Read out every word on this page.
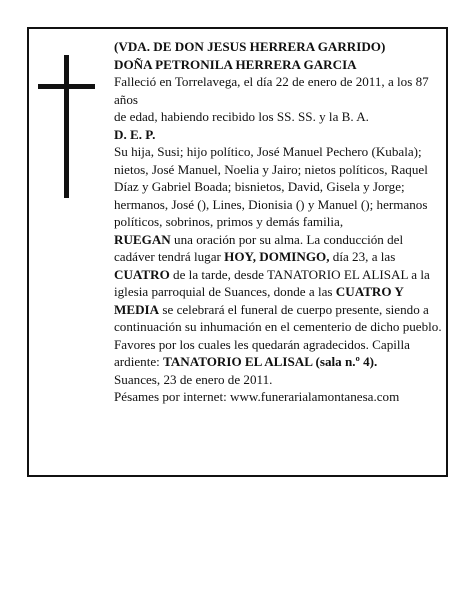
(VDA. DE DON JESUS HERRERA GARRIDO)

DOÑA PETRONILA HERRERA GARCIA

Falleció en Torrelavega, el día 22 de enero de 2011, a los 87 años

de edad, habiendo recibido los SS. SS. y la B. A.

D. E. P.

Su hija, Susi; hijo político, José Manuel Pechero (Kubala); nietos, José Manuel, Noelia y Jairo; nietos políticos, Raquel Díaz y Gabriel Boada; bisnietos, David, Gisela y Jorge; hermanos, José (), Lines, Dionisia () y Manuel (); hermanos políticos, sobrinos, primos y demás familia,

RUEGAN una oración por su alma. La conducción del cadáver tendrá lugar HOY, DOMINGO, día 23, a las CUATRO de la tarde, desde TANATORIO EL ALISAL a la iglesia parroquial de Suances, donde a las CUATRO Y MEDIA se celebrará el funeral de cuerpo presente, siendo a continuación su inhumación en el cementerio de dicho pueblo. Favores por los cuales les quedarán agradecidos. Capilla ardiente: TANATORIO EL ALISAL (sala n.º 4).

Suances, 23 de enero de 2011.

Pésames por internet: www.funerarialamontanesa.com
